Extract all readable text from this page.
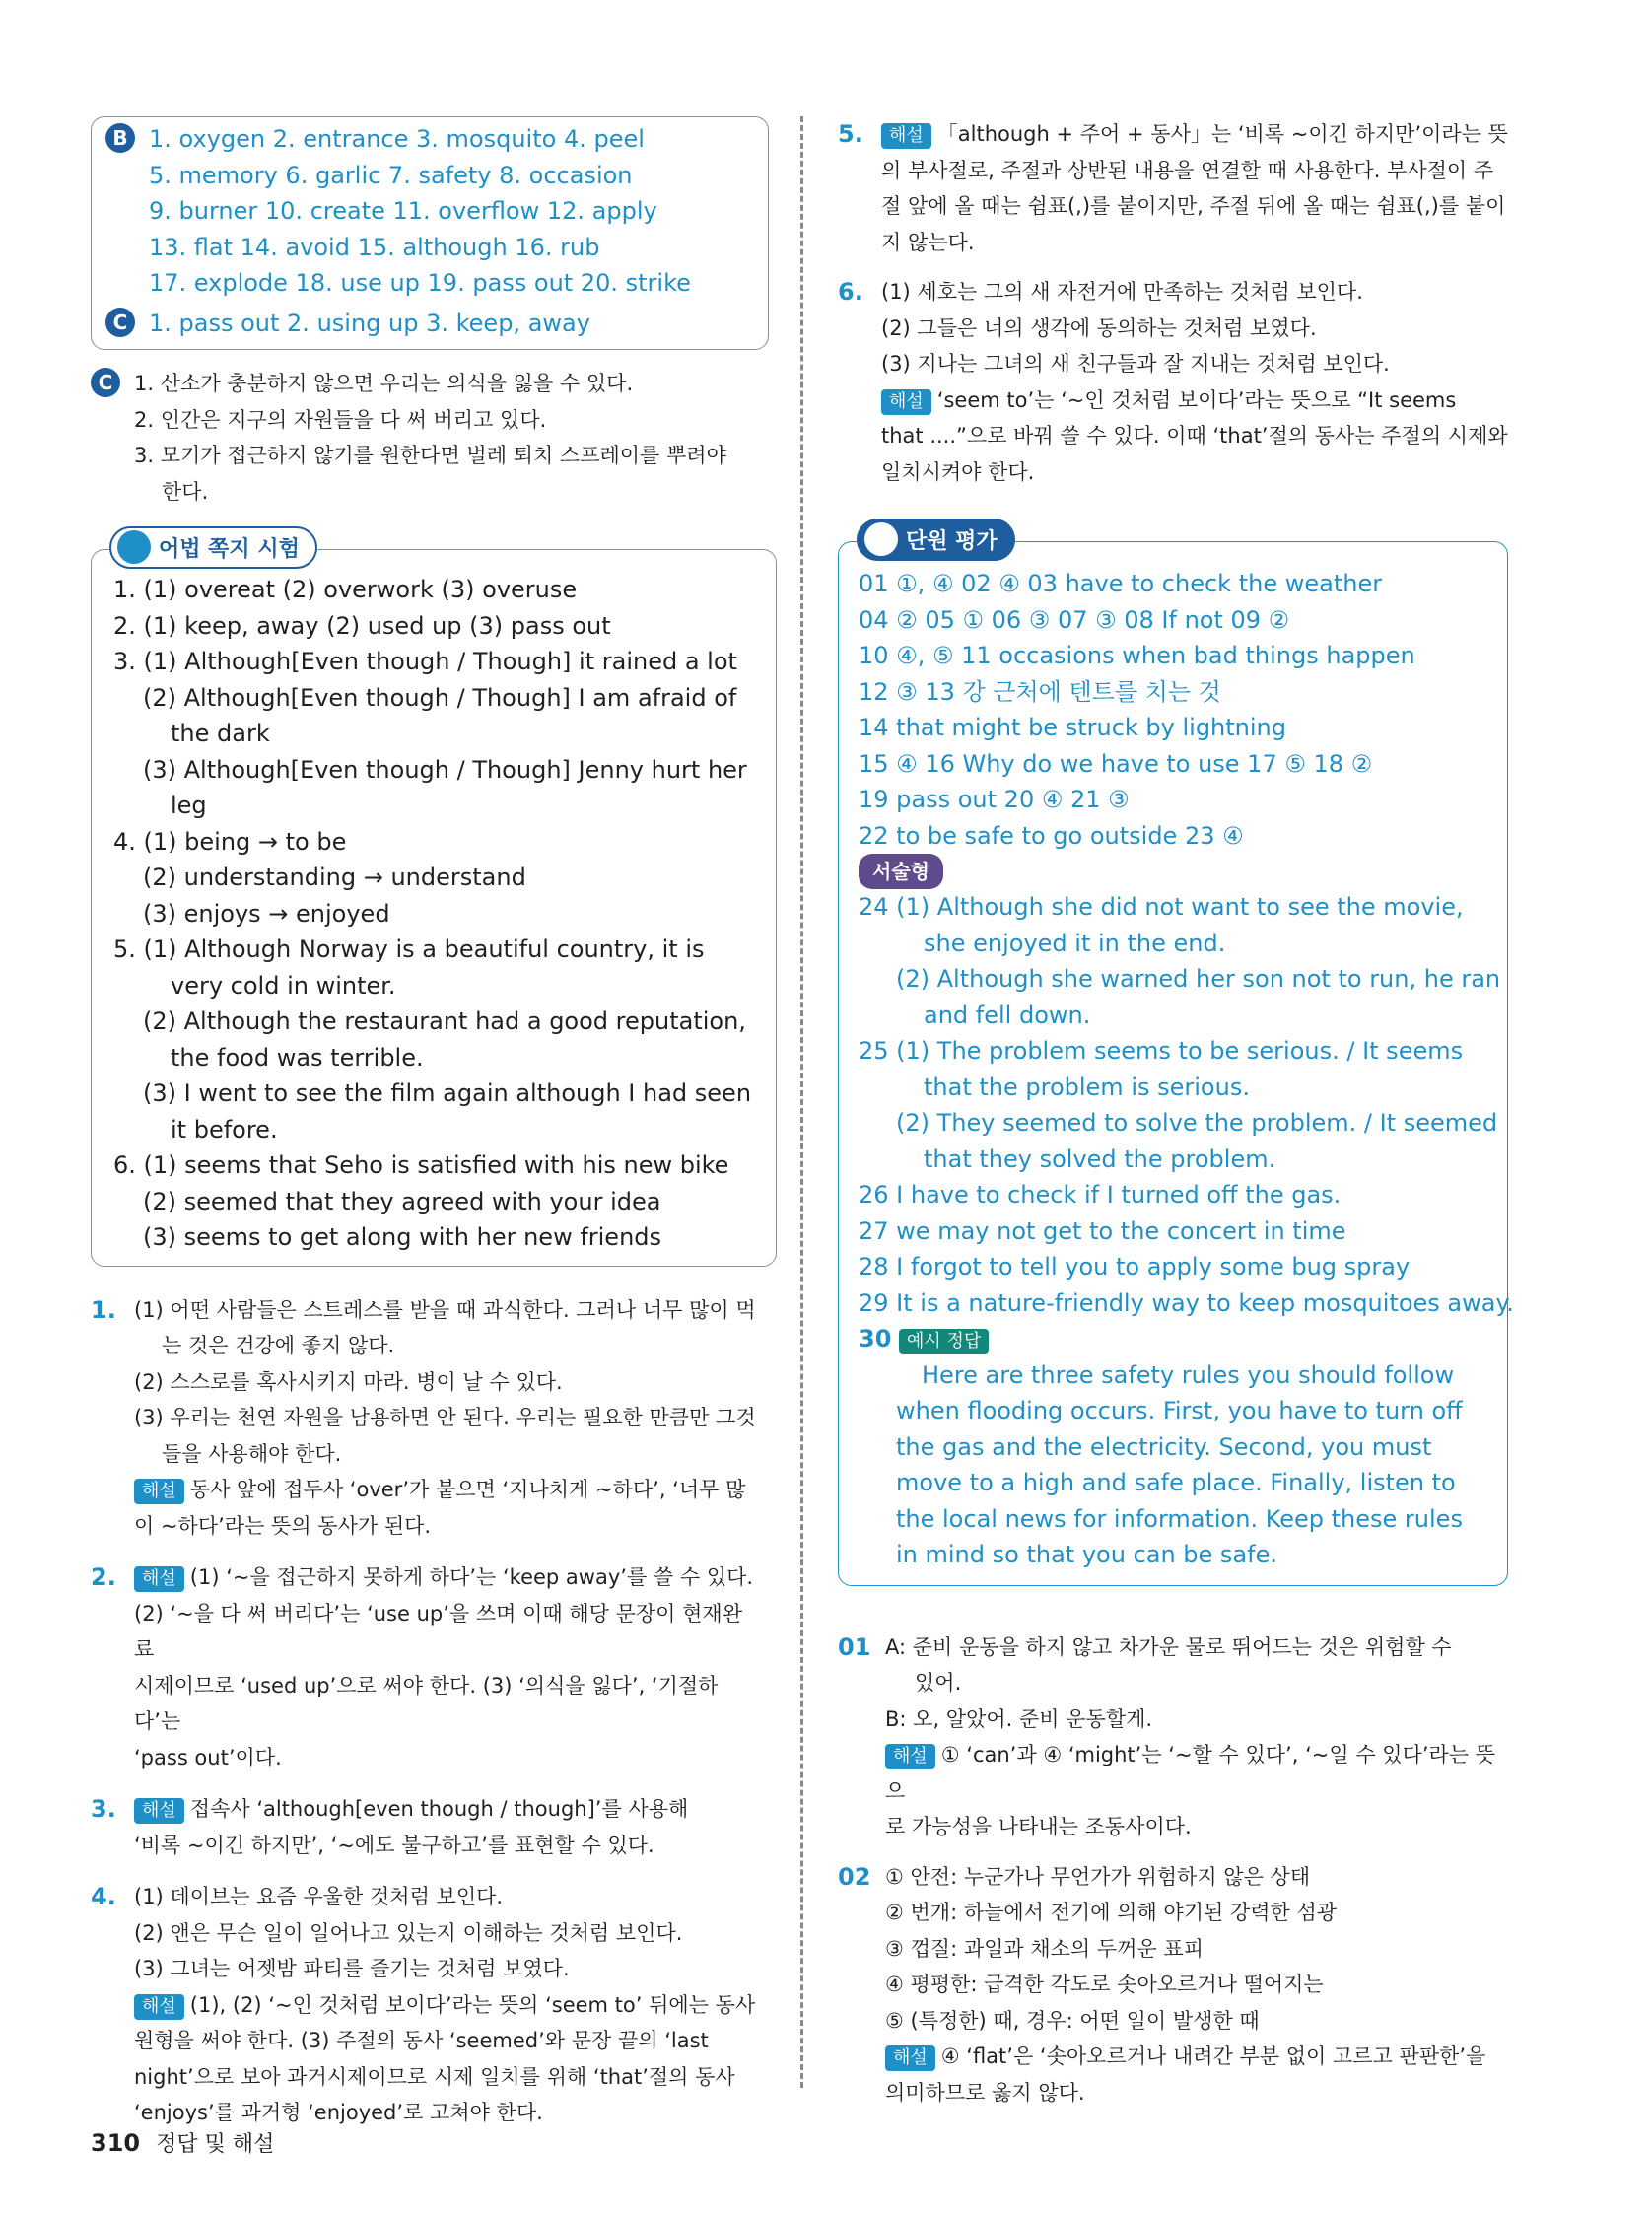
B 1. oxygen 2. entrance 3. mosquito 4. peel
5. memory 6. garlic 7. safety 8. occasion
9. burner 10. create 11. overflow 12. apply
13. flat 14. avoid 15. although 16. rub
17. explode 18. use up 19. pass out 20. strike
C 1. pass out 2. using up 3. keep, away
C	1. 산소가 충분하지 않으면 우리는 의식을 잃을 수 있다.
2. 인간은 지구의 자원들을 다 써 버리고 있다.
3. 모기가 접근하지 않기를 원한다면 벌레 퇴치 스프레이를 뿌려야
한다.
어법 쪽지 시험
1. (1) overeat (2) overwork (3) overuse
2. (1) keep, away (2) used up (3) pass out
3. (1) Although[Even though / Though] it rained a lot
(2) Although[Even though / Though] I am afraid of
the dark
(3) Although[Even though / Though] Jenny hurt her
leg
4. (1) being → to be
(2) understanding → understand
(3) enjoys → enjoyed
5. (1) Although Norway is a beautiful country, it is
very cold in winter.
(2) Although the restaurant had a good reputation,
the food was terrible.
(3) I went to see the film again although I had seen
it before.
6. (1) seems that Seho is satisfied with his new bike
(2) seemed that they agreed with your idea
(3) seems to get along with her new friends
1. (1) 어떤 사람들은 스트레스를 받을 때 과식한다. 그러나 너무 많이 먹
는 것은 건강에 좋지 않다.
(2) 스스로를 혹사시키지 마라. 병이 날 수 있다.
(3) 우리는 천연 자원을 남용하면 안 된다. 우리는 필요한 만큼만 그것
들을 사용해야 한다.
해설 동사 앞에 접두사 ‘over’가 붙으면 ‘지나치게 ~하다’, ‘너무 많
이 ~하다’라는 뜻의 동사가 된다.
2.	해설 (1) ‘~을 접근하지 못하게 하다’는 ‘keep away’를 쓸 수 있다.
(2) ‘~을 다 써 버리다’는 ‘use up’을 쓰며 이때 해당 문장이 현재완료
시제이므로 ‘used up’으로 써야 한다. (3) ‘의식을 잃다’, ‘기절하다’는
‘pass out’이다.
3.	해설 접속사 ‘although[even though / though]’를 사용해
‘비록 ~이긴 하지만’, ‘~에도 불구하고’를 표현할 수 있다.
4. (1) 데이브는 요즘 우울한 것처럼 보인다.
(2) 앤은 무슨 일이 일어나고 있는지 이해하는 것처럼 보인다.
(3) 그녀는 어젯밤 파티를 즐기는 것처럼 보였다.
해설 (1), (2) ‘~인 것처럼 보이다’라는 뜻의 ‘seem to’ 뒤에는 동사
원형을 써야 한다. (3) 주절의 동사 ‘seemed’와 문장 끝의 ‘last
night’으로 보아 과거시제이므로 시제 일치를 위해 ‘that’절의 동사
‘enjoys’를 과거형 ‘enjoyed’로 고쳐야 한다.
5.	해설 「although + 주어 + 동사」는 ‘비록 ~이긴 하지만’이라는 뜻
의 부사절로, 주절과 상반된 내용을 연결할 때 사용한다. 부사절이 주
절 앞에 올 때는 쉼표(,)를 붙이지만, 주절 뒤에 올 때는 쉼표(,)를 붙이
지 않는다.
6. (1) 세호는 그의 새 자전거에 만족하는 것처럼 보인다.
(2) 그들은 너의 생각에 동의하는 것처럼 보였다.
(3) 지나는 그녀의 새 친구들과 잘 지내는 것처럼 보인다.
해설 ‘seem to’는 ‘~인 것처럼 보이다’라는 뜻으로 “It seems
that ....”으로 바꿔 쓸 수 있다. 이때 ‘that’절의 동사는 주절의 시제와
일치시켜야 한다.
단원 평가
01 ①, ④ 02 ④ 03 have to check the weather
04 ② 05 ① 06 ③ 07 ③ 08 If not 09 ②
10 ④, ⑤ 11 occasions when bad things happen
12 ③ 13 강 근처에 텐트를 치는 것
14 that might be struck by lightning
15 ④ 16 Why do we have to use 17 ⑤ 18 ②
19 pass out 20 ④ 21 ③
22 to be safe to go outside 23 ④
서술형
24 (1) Although she did not want to see the movie,
she enjoyed it in the end.
(2) Although she warned her son not to run, he ran
and fell down.
25 (1) The problem seems to be serious. / It seems
that the problem is serious.
(2) They seemed to solve the problem. / It seemed
that they solved the problem.
26 I have to check if I turned off the gas.
27 we may not get to the concert in time
28 I forgot to tell you to apply some bug spray
29 It is a nature-friendly way to keep mosquitoes away.
30 예시 정답
Here are three safety rules you should follow
when flooding occurs. First, you have to turn off
the gas and the electricity. Second, you must
move to a high and safe place. Finally, listen to
the local news for information. Keep these rules
in mind so that you can be safe.
01 A: 준비 운동을 하지 않고 차가운 물로 뛰어드는 것은 위험할 수
있어.
B: 오, 알았어. 준비 운동할게.
해설 ① ‘can’과 ④ ‘might’는 ‘~할 수 있다’, ‘~일 수 있다’라는 뜻으
로 가능성을 나타내는 조동사이다.
02 ① 안전: 누군가나 무언가가 위험하지 않은 상태
② 번개: 하늘에서 전기에 의해 야기된 강력한 섬광
③ 껍질: 과일과 채소의 두꺼운 표피
④ 평평한: 급격한 각도로 솟아오르거나 떨어지는
⑤ (특정한) 때, 경우: 어떤 일이 발생한 때
해설 ④ ‘flat’은 ‘솟아오르거나 내려간 부분 없이 고르고 판판한’을
의미하므로 옳지 않다.
310 정답 및 해설
